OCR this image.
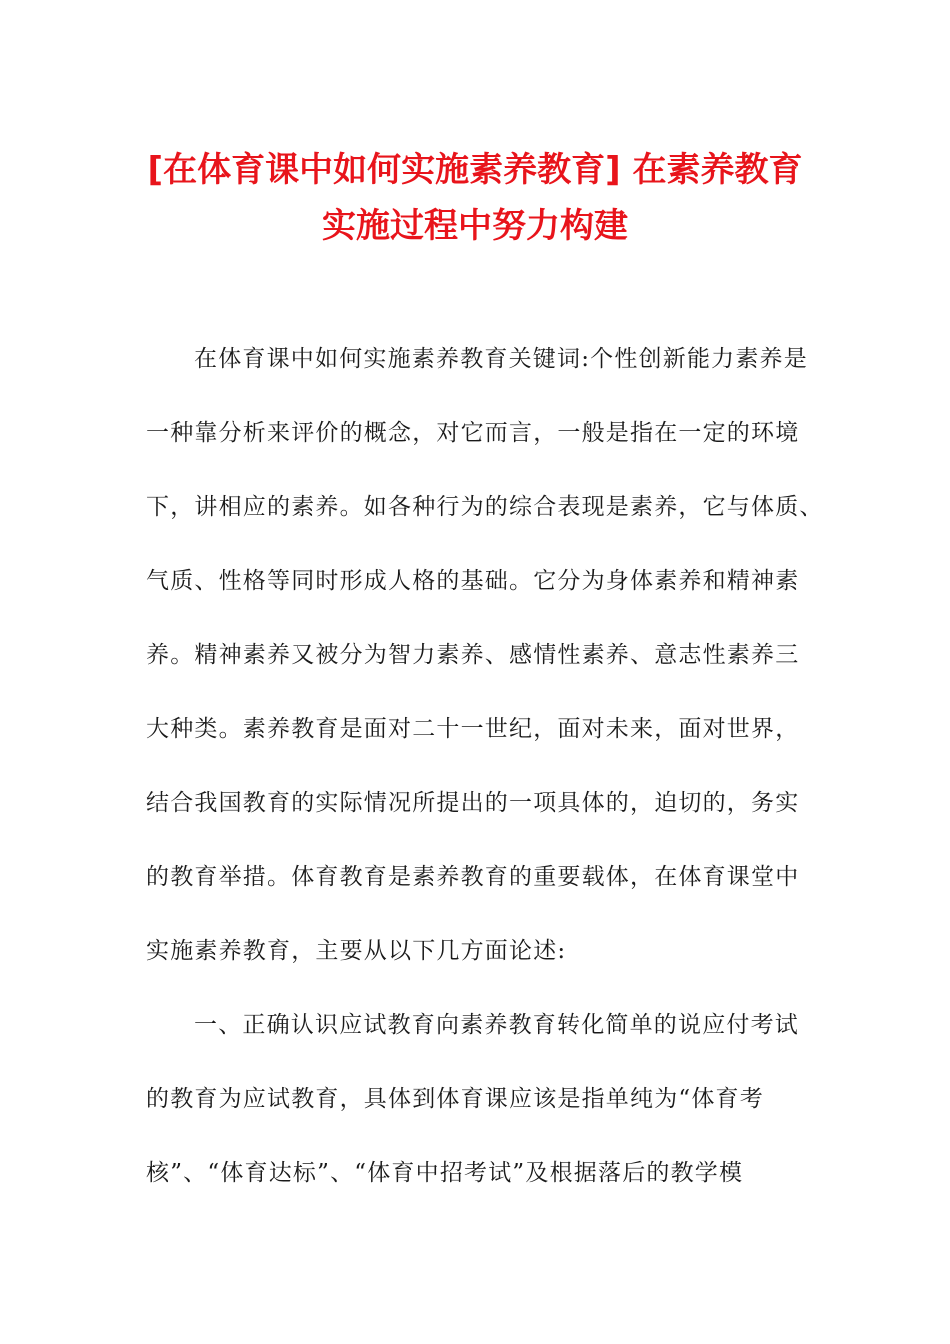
[在体育课中如何实施素养教育] 在素养教育
实施过程中努力构建
在体育课中如何实施素养教育关键词:个性创新能力素养是
一种靠分析来评价的概念，对它而言，一般是指在一定的环境
下，讲相应的素养。如各种行为的综合表现是素养，它与体质、
气质、性格等同时形成人格的基础。它分为身体素养和精神素
养。精神素养又被分为智力素养、感情性素养、意志性素养三
大种类。素养教育是面对二十一世纪，面对未来，面对世界，
结合我国教育的实际情况所提出的一项具体的，迫切的，务实
的教育举措。体育教育是素养教育的重要载体，在体育课堂中
实施素养教育，主要从以下几方面论述:
一、正确认识应试教育向素养教育转化简单的说应付考试
的教育为应试教育，具体到体育课应该是指单纯为“体育考
核”、“体育达标”、“体育中招考试”及根据落后的教学模
